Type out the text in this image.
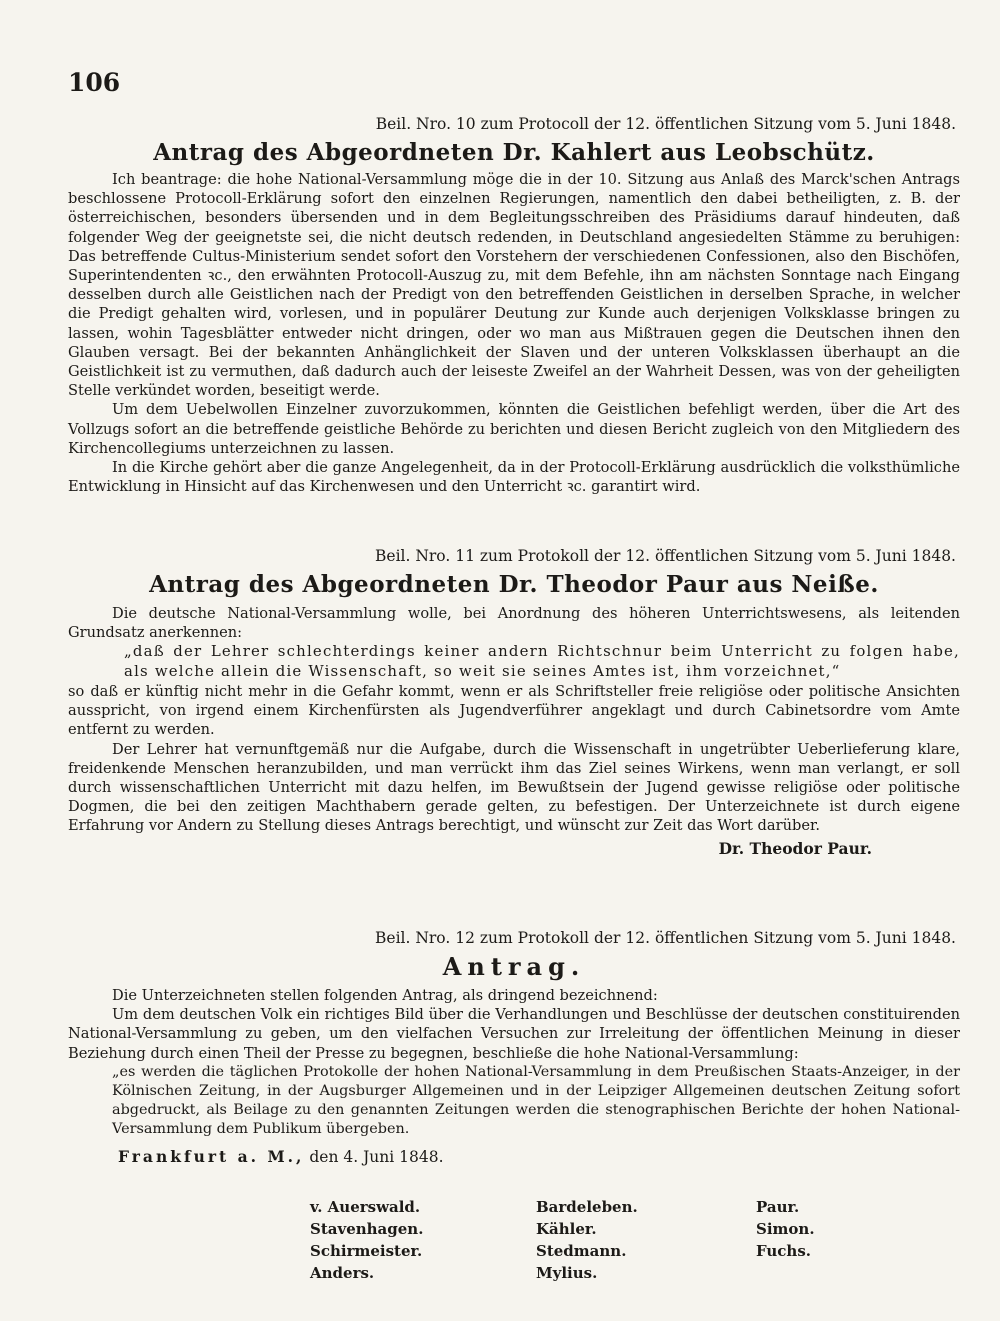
106
Beil. Nro. 10 zum Protocoll der 12. öffentlichen Sitzung vom 5. Juni 1848.
Antrag des Abgeordneten Dr. Kahlert aus Leobschütz.

Ich beantrage: die hohe National-Versammlung möge die in der 10. Sitzung aus Anlaß des Marck'schen Antrags beschlossene Protocoll-Erklärung sofort den einzelnen Regierungen, namentlich den dabei betheiligten, z. B. der österreichischen, besonders übersenden und in dem Begleitungsschreiben des Präsidiums darauf hindeuten, daß folgender Weg der geeignetste sei, die nicht deutsch redenden, in Deutschland angesiedelten Stämme zu beruhigen: Das betreffende Cultus-Ministerium sendet sofort den Vorstehern der verschiedenen Confessionen, also den Bischöfen, Superintendenten ꝛc., den erwähnten Protocoll-Auszug zu, mit dem Befehle, ihn am nächsten Sonntage nach Eingang desselben durch alle Geistlichen nach der Predigt von den betreffenden Geistlichen in derselben Sprache, in welcher die Predigt gehalten wird, vorlesen, und in populärer Deutung zur Kunde auch derjenigen Volksklasse bringen zu lassen, wohin Tagesblätter entweder nicht dringen, oder wo man aus Mißtrauen gegen die Deutschen ihnen den Glauben versagt. Bei der bekannten Anhänglichkeit der Slaven und der unteren Volksklassen überhaupt an die Geistlichkeit ist zu vermuthen, daß dadurch auch der leiseste Zweifel an der Wahrheit Dessen, was von der geheiligten Stelle verkündet worden, beseitigt werde.

Um dem Uebelwollen Einzelner zuvorzukommen, könnten die Geistlichen befehligt werden, über die Art des Vollzugs sofort an die betreffende geistliche Behörde zu berichten und diesen Bericht zugleich von den Mitgliedern des Kirchencollegiums unterzeichnen zu lassen.

In die Kirche gehört aber die ganze Angelegenheit, da in der Protocoll-Erklärung ausdrücklich die volksthümliche Entwicklung in Hinsicht auf das Kirchenwesen und den Unterricht ꝛc. garantirt wird.

Beil. Nro. 11 zum Protokoll der 12. öffentlichen Sitzung vom 5. Juni 1848.
Antrag des Abgeordneten Dr. Theodor Paur aus Neiße.

Die deutsche National-Versammlung wolle, bei Anordnung des höheren Unterrichtswesens, als leitenden Grundsatz anerkennen:

„daß der Lehrer schlechterdings keiner andern Richtschnur beim Unterricht zu folgen habe, als welche allein die Wissenschaft, so weit sie seines Amtes ist, ihm vorzeichnet,“

so daß er künftig nicht mehr in die Gefahr kommt, wenn er als Schriftsteller freie religiöse oder politische Ansichten ausspricht, von irgend einem Kirchenfürsten als Jugendverführer angeklagt und durch Cabinetsordre vom Amte entfernt zu werden.

Der Lehrer hat vernunftgemäß nur die Aufgabe, durch die Wissenschaft in ungetrübter Ueberlieferung klare, freidenkende Menschen heranzubilden, und man verrückt ihm das Ziel seines Wirkens, wenn man verlangt, er soll durch wissenschaftlichen Unterricht mit dazu helfen, im Bewußtsein der Jugend gewisse religiöse oder politische Dogmen, die bei den zeitigen Machthabern gerade gelten, zu befestigen. Der Unterzeichnete ist durch eigene Erfahrung vor Andern zu Stellung dieses Antrags berechtigt, und wünscht zur Zeit das Wort darüber.

Dr. Theodor Paur.
Beil. Nro. 12 zum Protokoll der 12. öffentlichen Sitzung vom 5. Juni 1848.
Antrag.

Die Unterzeichneten stellen folgenden Antrag, als dringend bezeichnend:

Um dem deutschen Volk ein richtiges Bild über die Verhandlungen und Beschlüsse der deutschen constituirenden National-Versammlung zu geben, um den vielfachen Versuchen zur Irreleitung der öffentlichen Meinung in dieser Beziehung durch einen Theil der Presse zu begegnen, beschließe die hohe National-Versammlung:

„es werden die täglichen Protokolle der hohen National-Versammlung in dem Preußischen Staats-Anzeiger, in der Kölnischen Zeitung, in der Augsburger Allgemeinen und in der Leipziger Allgemeinen deutschen Zeitung sofort abgedruckt, als Beilage zu den genannten Zeitungen werden die stenographischen Berichte der hohen National-Versammlung dem Publikum übergeben.
Frankfurt a. M., den 4. Juni 1848.
v. Auerswald.
Stavenhagen.
Schirmeister.
Anders.
Bardeleben.
Kähler.
Stedmann.
Mylius.
Paur.
Simon.
Fuchs.
